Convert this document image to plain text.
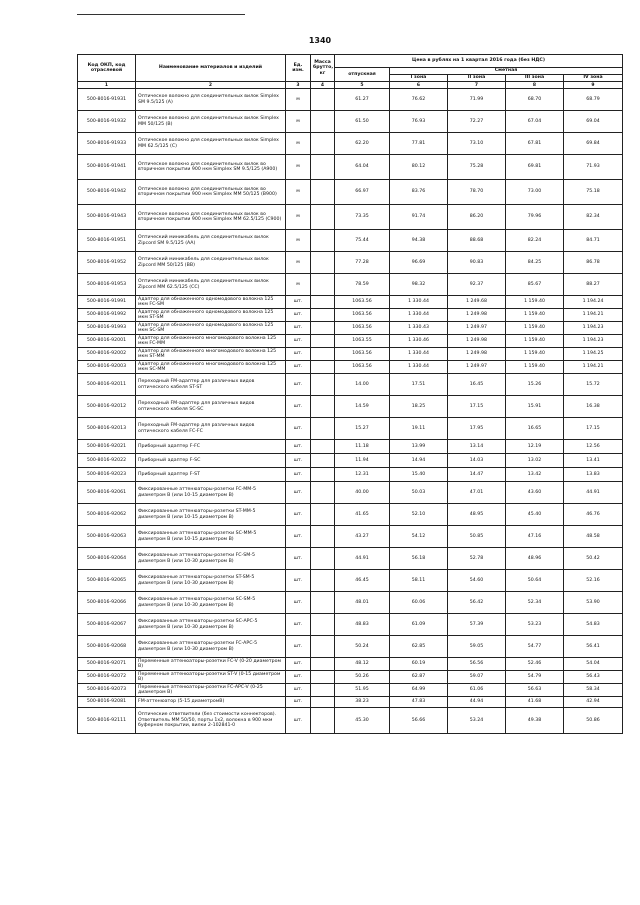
1340
Код ОКП, код отраслевой	Наименование материалов и изделий	Ед. изм.	Масса брутто, кг	Цена в рублях на 1 квартал 2016 года (без НДС)				
				отпускная	Сметная			
					I зона	II зона	III зона	IV зона
1	2	3	4	5	6	7	8	9
500-8016-91931	Оптическое волокно для соединительных вилок Simplex SM 9.5/125 (А)	м		61.27	76.62	71.99	68.70	68.79
500-8016-91932	Оптическое волокно для соединительных вилок Simplex MM 50/125 (В)	м		61.50	76.93	72.27	67.04	69.04
500-8016-91933	Оптическое волокно для соединительных вилок Simplex MM 62.5/125 (С)	м		62.20	77.81	73.10	67.81	69.84
500-8016-91941	Оптическое волокно для соединительных вилок во вторичном покрытии 900 нкм Simplex SM 9.5/125 (А900)	м		64.04	80.12	75.28	69.81	71.93
500-8016-91942	Оптическое волокно для соединительных вилок во вторичном покрытии 900 нкм Simplex MM 50/125 (В900)	м		66.97	83.76	78.70	73.00	75.18
500-8016-91943	Оптическое волокно для соединительных вилок во вторичном покрытии 900 нкм Simplex MM 62.5/125 (С900)	м		73.35	91.74	86.20	79.96	82.34
500-8016-91951	Оптический миникабель для соединительных вилок Zipcord SM 9.5/125 (АА)	м		75.44	94.38	88.68	82.24	84.71
500-8016-91952	Оптический миникабель для соединительных вилок Zipcord MM 50/125 (ВВ)	м		77.28	96.69	90.83	84.25	86.78
500-8016-91953	Оптический миникабель для соединительных вилок Zipcord MM 62.5/125 (СС)	м		78.59	98.32	92.37	85.67	88.27
500-8016-91991	Адаптер для обнаженного одномодового волокна 125 мкм FC-SM	шт.		1063.56	1 330.44	1 249.68	1 159.40	1 194.24
500-8016-91992	Адаптер для обнаженного одномодового волокна 125 мкм ST-SM	шт.		1063.56	1 330.44	1 249.98	1 159.40	1 194.21
500-8016-91993	Адаптер для обнаженного одномодового волокна 125 мкм SC-SM	шт.		1063.56	1 330.43	1 249.97	1 159.40	1 194.23
500-8016-92001	Адаптер для обнаженного многомодового волокна 125 мкм FC-MM	шт.		1063.55	1 330.46	1 249.98	1 159.40	1 194.23
500-8016-92002	Адаптер для обнаженного многомодового волокна 125 мкм ST-MM	шт.		1063.56	1 330.44	1 249.98	1 159.40	1 194.25
500-8016-92003	Адаптер для обнаженного многомодового волокна 125 мкм SC-MM	шт.		1063.56	1 330.44	1 249.97	1 159.40	1 194.21
500-8016-92011	Переходный FM-адаптер для различных видов оптического кабеля ST-ST	шт.		14.00	17.51	16.45	15.26	15.72
500-8016-92012	Переходный FM-адаптер для различных видов оптического кабеля SC-SC	шт.		14.59	18.25	17.15	15.91	16.38
500-8016-92013	Переходный FM-адаптер для различных видов оптического кабеля FC-FC	шт.		15.27	19.11	17.95	16.65	17.15
500-8016-92021	Приборный адаптер F-FC	шт.		11.18	13.99	13.14	12.19	12.56
500-8016-92022	Приборный адаптер F-SC	шт.		11.94	14.94	14.03	13.02	13.41
500-8016-92023	Приборный адаптер F-ST	шт.		12.31	15.40	14.47	13.42	13.83
500-8016-92061	Фиксированные аттенюаторы-розетки FC-MM-5 диаметром В (или 10-15 диаметром В)	шт.		40.00	50.03	47.01	43.60	44.91
500-8016-92062	Фиксированные аттенюаторы-розетки ST-MM-5 диаметром В (или 10-15 диаметром В)	шт.		41.65	52.10	48.95	45.40	46.76
500-8016-92063	Фиксированные аттенюаторы-розетки SC-MM-5 диаметром В (или 10-15 диаметром В)	шт.		43.27	54.12	50.85	47.16	48.58
500-8016-92064	Фиксированные аттенюаторы-розетки FC-SM-5 диаметром В (или 10-30 диаметром В)	шт.		44.91	56.18	52.78	48.96	50.42
500-8016-92065	Фиксированные аттенюаторы-розетки ST-SM-5 диаметром В (или 10-30 диаметром В)	шт.		46.45	58.11	54.60	50.64	52.16
500-8016-92066	Фиксированные аттенюаторы-розетки SC-SM-5 диаметром В (или 10-30 диаметром В)	шт.		48.01	60.06	56.42	52.34	53.90
500-8016-92067	Фиксированные аттенюаторы-розетки SC-APC-5 диаметром В (или 10-30 диаметром В)	шт.		48.83	61.09	57.39	53.23	54.83
500-8016-92068	Фиксированные аттенюаторы-розетки FC-APC-5 диаметром В (или 10-30 диаметром В)	шт.		50.24	62.85	59.05	54.77	56.41
500-8016-92071	Переменные аттенюаторы-розетки FC-V (0-20 диаметром В)	шт.		48.12	60.19	56.56	52.46	54.04
500-8016-92072	Переменные аттенюаторы-розетки ST-V (0-15 диаметром В)	шт.		50.26	62.87	59.07	54.79	56.43
500-8016-92073	Переменные аттенюаторы-розетки FC-APC-V (0-25 диаметром В)	шт.		51.95	64.99	61.06	56.63	58.34
500-8016-92081	FM-аттенюатор (5-15 диаметромВ)	шт.		38.23	47.83	44.94	41.68	42.94
500-8016-92111	Оптические ответвители (без стоимости коннекторов). Ответвитель MM 50/50, порты 1х2, волокна в 900 мкм буферном покрытии, вилки 2-102841-0	шт.		45.30	56.66	53.24	49.38	50.86
